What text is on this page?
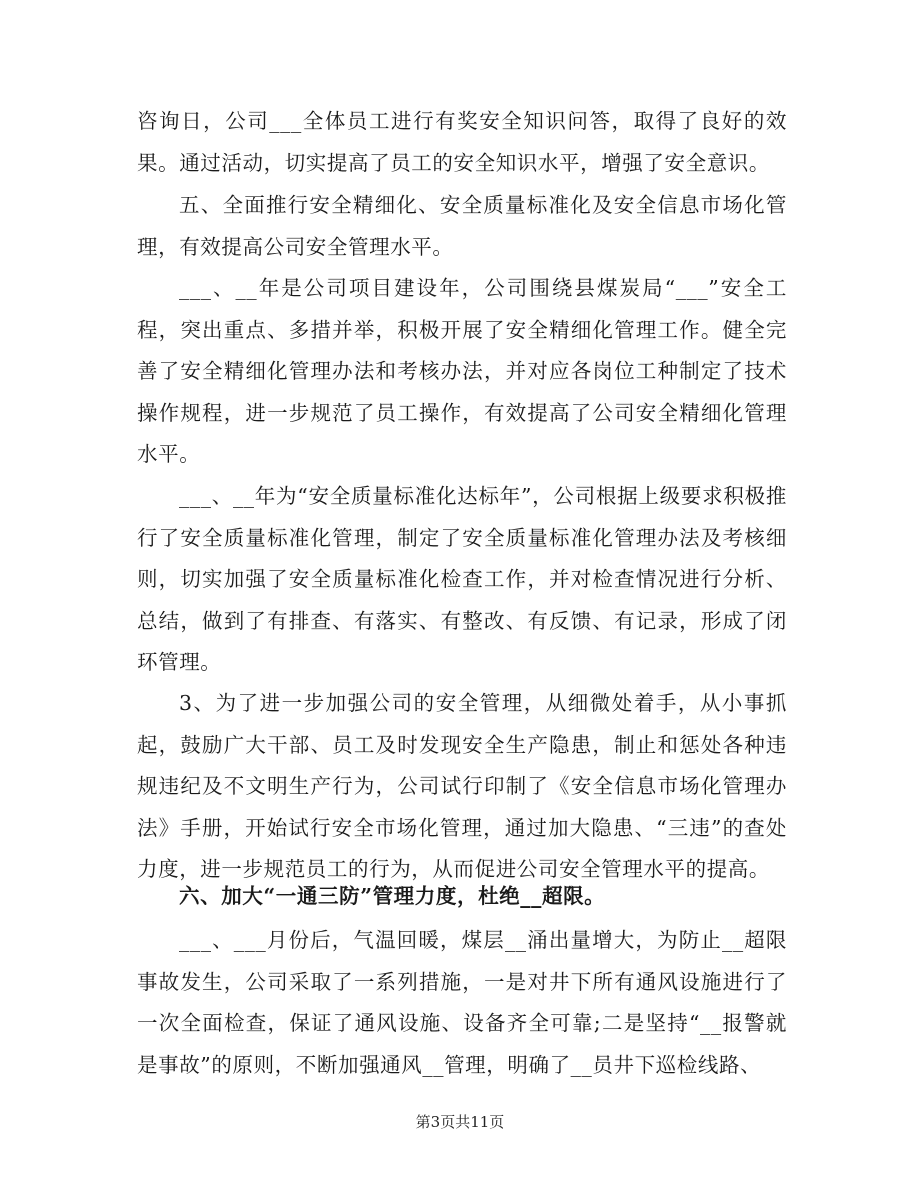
咨询日，公司___全体员工进行有奖安全知识问答，取得了良好的效果。通过活动，切实提高了员工的安全知识水平，增强了安全意识。

五、全面推行安全精细化、安全质量标准化及安全信息市场化管理，有效提高公司安全管理水平。

___、__年是公司项目建设年，公司围绕县煤炭局“___”安全工程，突出重点、多措并举，积极开展了安全精细化管理工作。健全完善了安全精细化管理办法和考核办法，并对应各岗位工种制定了技术操作规程，进一步规范了员工操作，有效提高了公司安全精细化管理水平。

___、__年为“安全质量标准化达标年”，公司根据上级要求积极推行了安全质量标准化管理，制定了安全质量标准化管理办法及考核细则，切实加强了安全质量标准化检查工作，并对检查情况进行分析、总结，做到了有排查、有落实、有整改、有反馈、有记录，形成了闭环管理。

3、为了进一步加强公司的安全管理，从细微处着手，从小事抓起，鼓励广大干部、员工及时发现安全生产隐患，制止和惩处各种违规违纪及不文明生产行为，公司试行印制了《安全信息市场化管理办法》手册，开始试行安全市场化管理，通过加大隐患、“三违”的查处力度，进一步规范员工的行为，从而促进公司安全管理水平的提高。

六、加大“一通三防”管理力度，杜绝__超限。

___、___月份后，气温回暖，煤层__涌出量增大，为防止__超限事故发生，公司采取了一系列措施，一是对井下所有通风设施进行了一次全面检查，保证了通风设施、设备齐全可靠;二是坚持“__报警就是事故”的原则，不断加强通风__管理，明确了__员井下巡检线路、

第3页共11页
